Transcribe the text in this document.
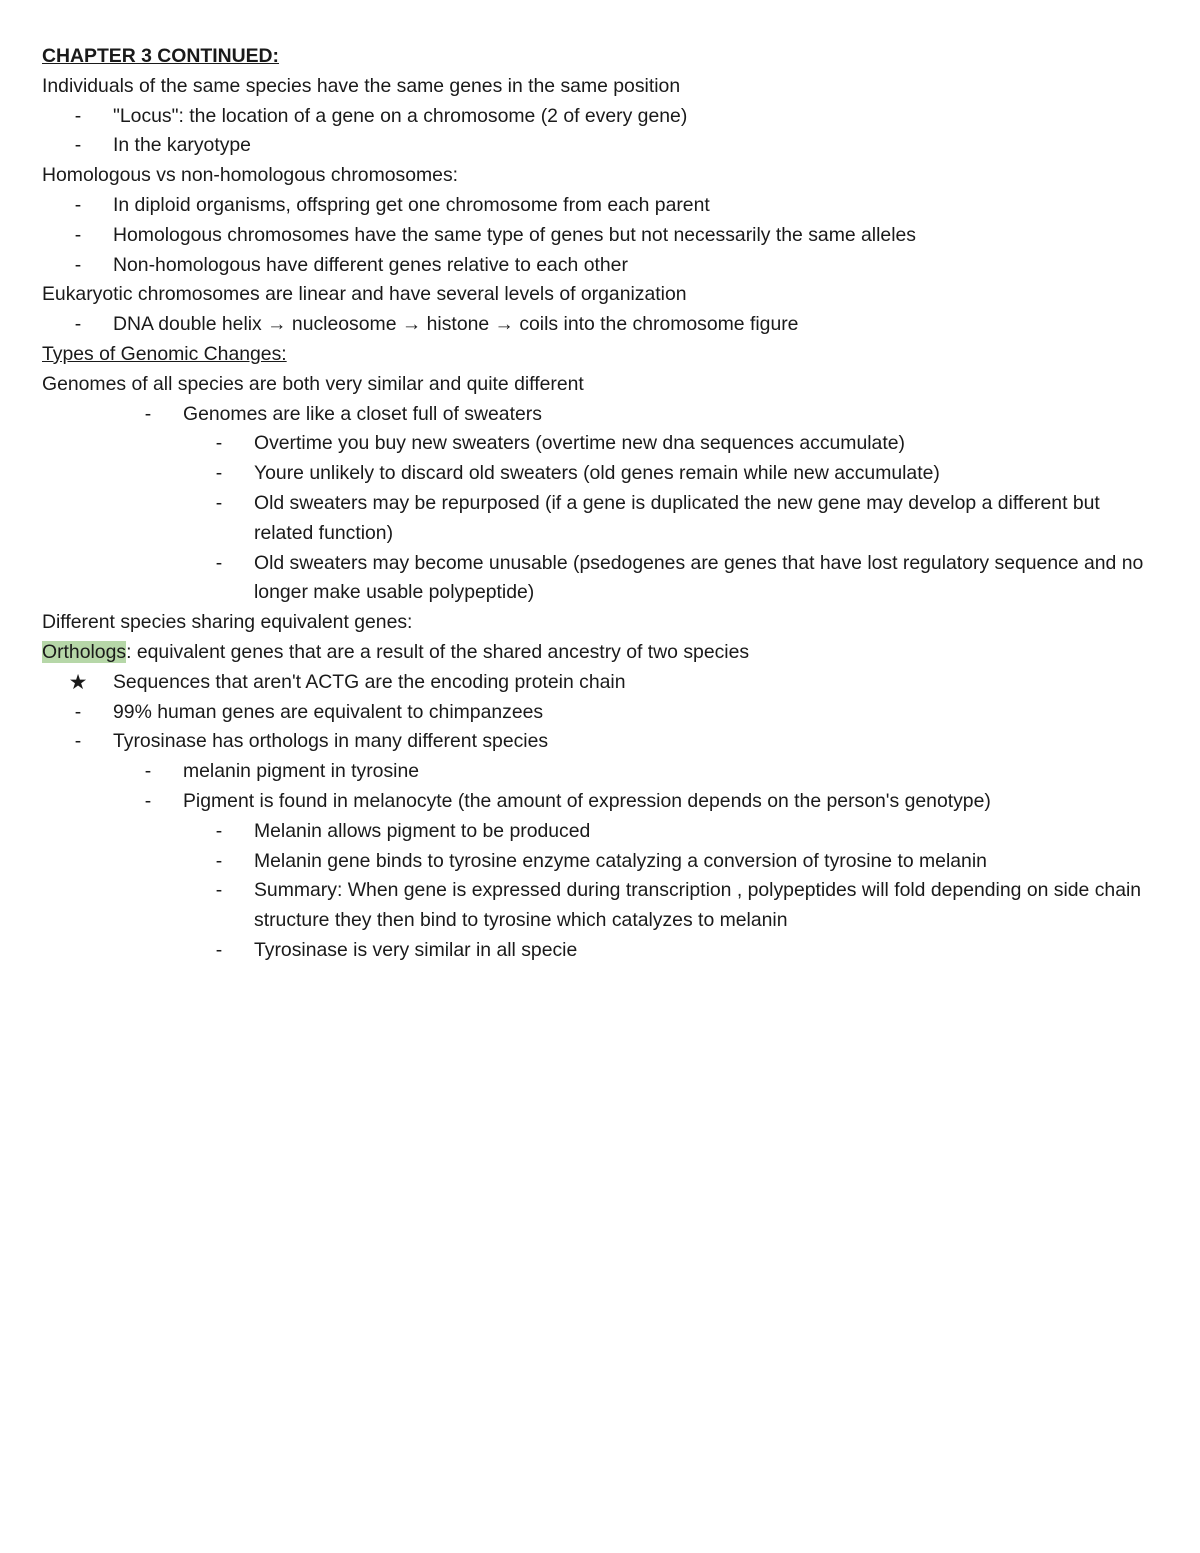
CHAPTER 3 CONTINUED:
Individuals of the same species have the same genes in the same position
-	"Locus": the location of a gene on a chromosome (2 of every gene)
-	In the karyotype
Homologous vs non-homologous chromosomes:
-	In diploid organisms, offspring get one chromosome from each parent
-	Homologous chromosomes have the same type of genes but not necessarily the same alleles
-	Non-homologous have different genes relative to each other
Eukaryotic chromosomes are linear and have several levels of organization
-	DNA double helix → nucleosome → histone → coils into the chromosome figure
Types of Genomic Changes:
Genomes of all species are both very similar and quite different
-	Genomes are like a closet full of sweaters
-	Overtime you buy new sweaters (overtime new dna sequences accumulate)
-	Youre unlikely to discard old sweaters (old genes remain while new accumulate)
-	Old sweaters may be repurposed (if a gene is duplicated the new gene may develop a different but related function)
-	Old sweaters may become unusable (psedogenes are genes that have lost regulatory sequence and no longer make usable polypeptide)
Different species sharing equivalent genes:
Orthologs: equivalent genes that are a result of the shared ancestry of two species
★ Sequences that aren't ACTG are the encoding protein chain
-	99% human genes are equivalent to chimpanzees
-	Tyrosinase has orthologs in many different species
-	melanin pigment in tyrosine
-	Pigment is found in melanocyte (the amount of expression depends on the person's genotype)
-	Melanin allows pigment to be produced
-	Melanin gene binds to tyrosine enzyme catalyzing a conversion of tyrosine to melanin
-	Summary: When gene is expressed during transcription , polypeptides will fold depending on side chain structure they then bind to tyrosine which catalyzes to melanin
-	Tyrosinase is very similar in all specie
